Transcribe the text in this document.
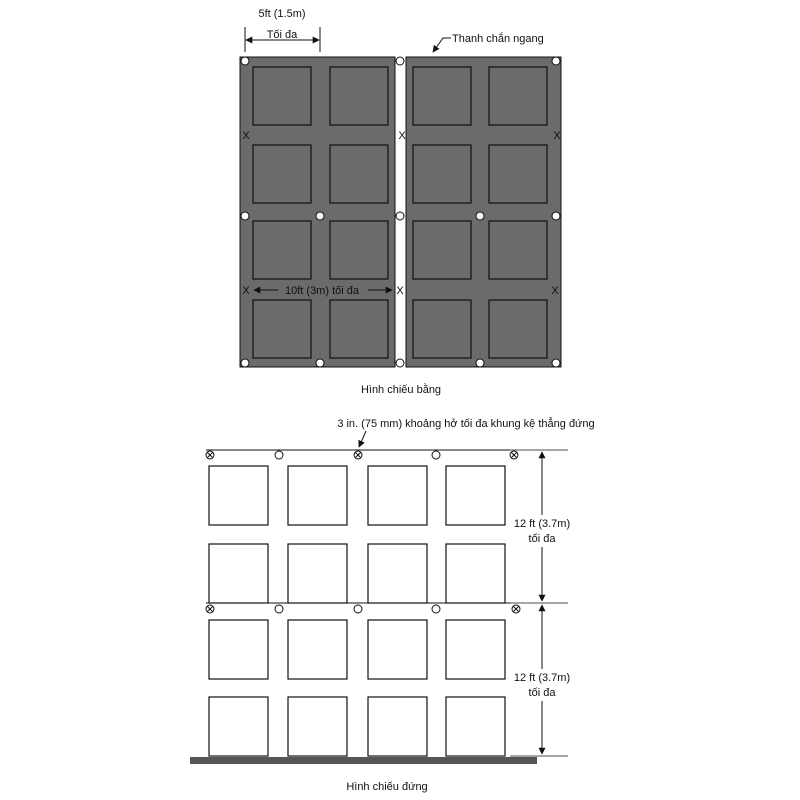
X	X	X
X	X	X
5ft (1.5m)
Tối đa	Thanh chắn ngang
10ft (3m) tối đa
Hình chiếu bằng
3 in. (75 mm) khoảng hở tối đa khung kệ thẳng đứng
12 ft (3.7m)
tối đa
12 ft (3.7m)
tối đa
Hình chiếu đứng
